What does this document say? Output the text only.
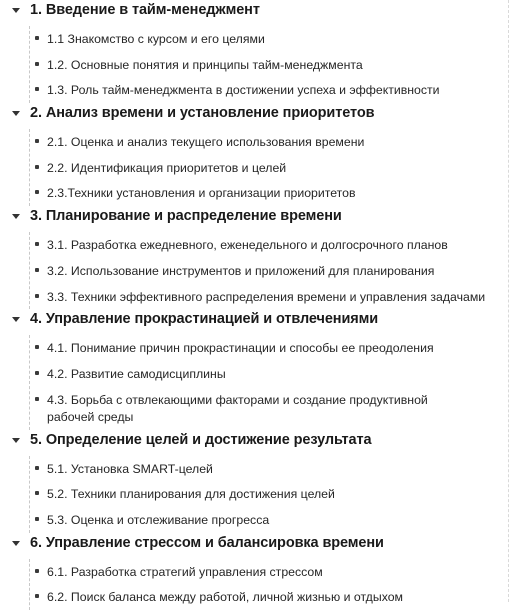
1. Введение в тайм-менеджмент
1.1 Знакомство с курсом и его целями
1.2. Основные понятия и принципы тайм-менеджмента
1.3. Роль тайм-менеджмента в достижении успеха и эффективности
2. Анализ времени и установление приоритетов
2.1. Оценка и анализ текущего использования времени
2.2. Идентификация приоритетов и целей
2.3.Техники установления и организации приоритетов
3. Планирование и распределение времени
3.1. Разработка ежедневного, еженедельного и долгосрочного планов
3.2. Использование инструментов и приложений для планирования
3.3. Техники эффективного распределения времени и управления задачами
4. Управление прокрастинацией и отвлечениями
4.1. Понимание причин прокрастинации и способы ее преодоления
4.2. Развитие самодисциплины
4.3. Борьба с отвлекающими факторами и создание продуктивной рабочей среды
5. Определение целей и достижение результата
5.1. Установка SMART-целей
5.2. Техники планирования для достижения целей
5.3. Оценка и отслеживание прогресса
6. Управление стрессом и балансировка времени
6.1. Разработка стратегий управления стрессом
6.2. Поиск баланса между работой, личной жизнью и отдыхом
